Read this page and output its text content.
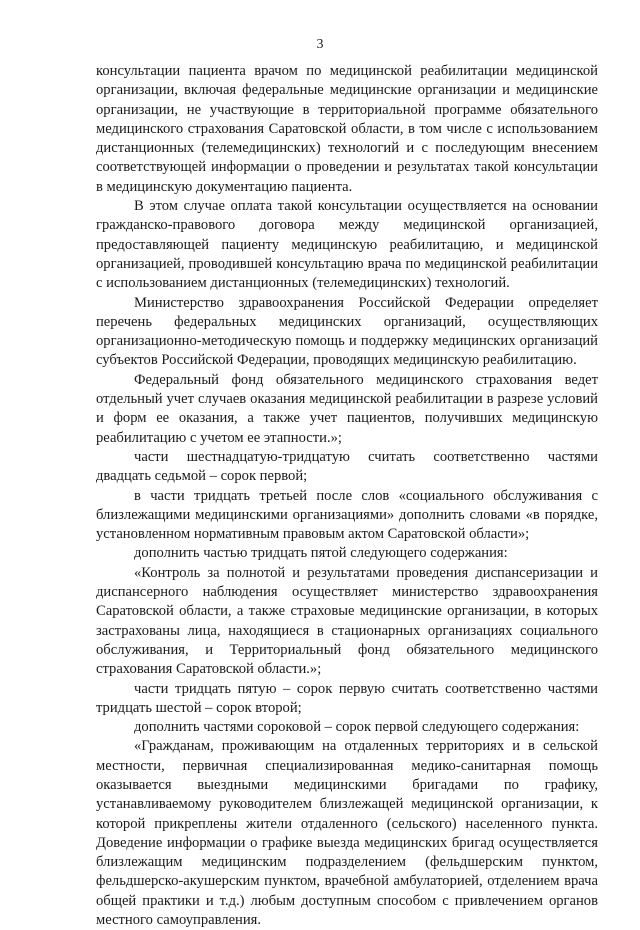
3

консультации пациента врачом по медицинской реабилитации медицинской организации, включая федеральные медицинские организации и медицинские организации, не участвующие в территориальной программе обязательного медицинского страхования Саратовской области, в том числе с использованием дистанционных (телемедицинских) технологий и с последующим внесением соответствующей информации о проведении и результатах такой консультации в медицинскую документацию пациента.

В этом случае оплата такой консультации осуществляется на основании гражданско-правового договора между медицинской организацией, предоставляющей пациенту медицинскую реабилитацию, и медицинской организацией, проводившей консультацию врача по медицинской реабилитации с использованием дистанционных (телемедицинских) технологий.

Министерство здравоохранения Российской Федерации определяет перечень федеральных медицинских организаций, осуществляющих организационно-методическую помощь и поддержку медицинских организаций субъектов Российской Федерации, проводящих медицинскую реабилитацию.

Федеральный фонд обязательного медицинского страхования ведет отдельный учет случаев оказания медицинской реабилитации в разрезе условий и форм ее оказания, а также учет пациентов, получивших медицинскую реабилитацию с учетом ее этапности.»;

части шестнадцатую-тридцатую считать соответственно частями двадцать седьмой – сорок первой;

в части тридцать третьей после слов «социального обслуживания с близлежащими медицинскими организациями» дополнить словами «в порядке, установленном нормативным правовым актом Саратовской области»;

дополнить частью тридцать пятой следующего содержания:

«Контроль за полнотой и результатами проведения диспансеризации и диспансерного наблюдения осуществляет министерство здравоохранения Саратовской области, а также страховые медицинские организации, в которых застрахованы лица, находящиеся в стационарных организациях социального обслуживания, и Территориальный фонд обязательного медицинского страхования Саратовской области.»;

части тридцать пятую – сорок первую считать соответственно частями тридцать шестой – сорок второй;

дополнить частями сороковой – сорок первой следующего содержания:

«Гражданам, проживающим на отдаленных территориях и в сельской местности, первичная специализированная медико-санитарная помощь оказывается выездными медицинскими бригадами по графику, устанавливаемому руководителем близлежащей медицинской организации, к которой прикреплены жители отдаленного (сельского) населенного пункта. Доведение информации о графике выезда медицинских бригад осуществляется близлежащим медицинским подразделением (фельдшерским пунктом, фельдшерско-акушерским пунктом, врачебной амбулаторией, отделением врача общей практики и т.д.) любым доступным способом с привлечением органов местного самоуправления.
